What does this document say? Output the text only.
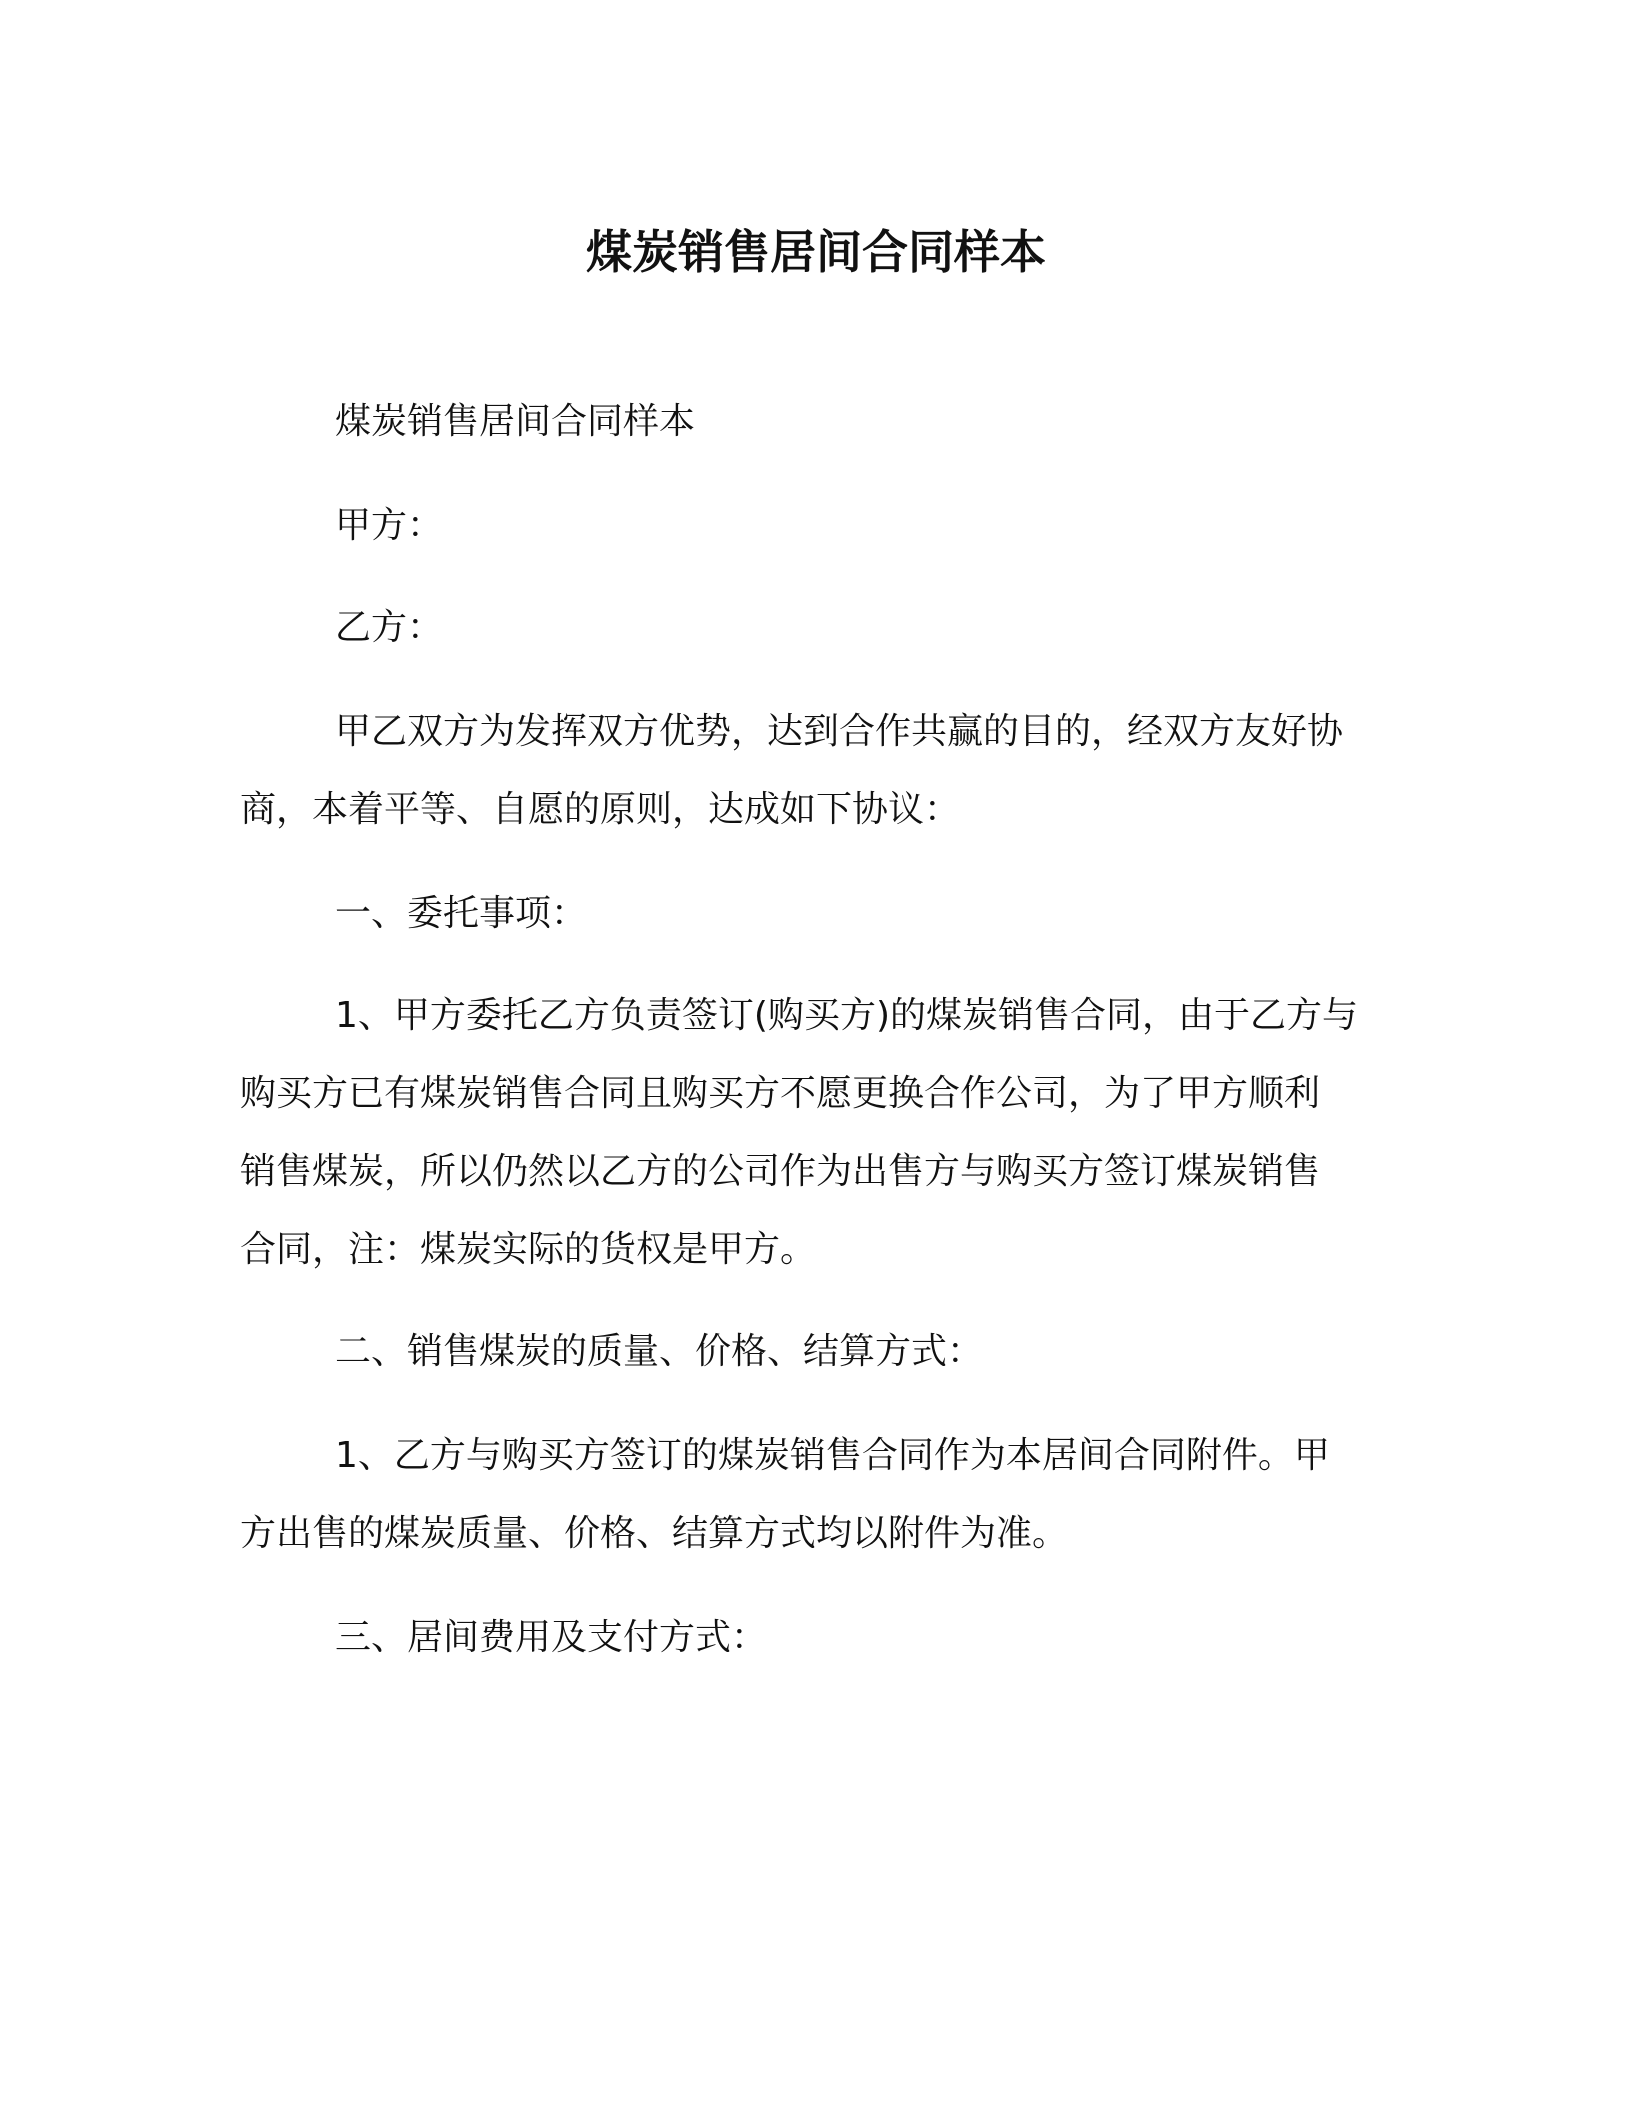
煤炭销售居间合同样本
煤炭销售居间合同样本
甲方：
乙方：
甲乙双方为发挥双方优势，达到合作共赢的目的，经双方友好协
商，本着平等、自愿的原则，达成如下协议：
一、委托事项：
1、甲方委托乙方负责签订(购买方)的煤炭销售合同，由于乙方与
购买方已有煤炭销售合同且购买方不愿更换合作公司，为了甲方顺利
销售煤炭，所以仍然以乙方的公司作为出售方与购买方签订煤炭销售
合同，注：煤炭实际的货权是甲方。
二、销售煤炭的质量、价格、结算方式：
1、乙方与购买方签订的煤炭销售合同作为本居间合同附件。甲
方出售的煤炭质量、价格、结算方式均以附件为准。
三、居间费用及支付方式：
